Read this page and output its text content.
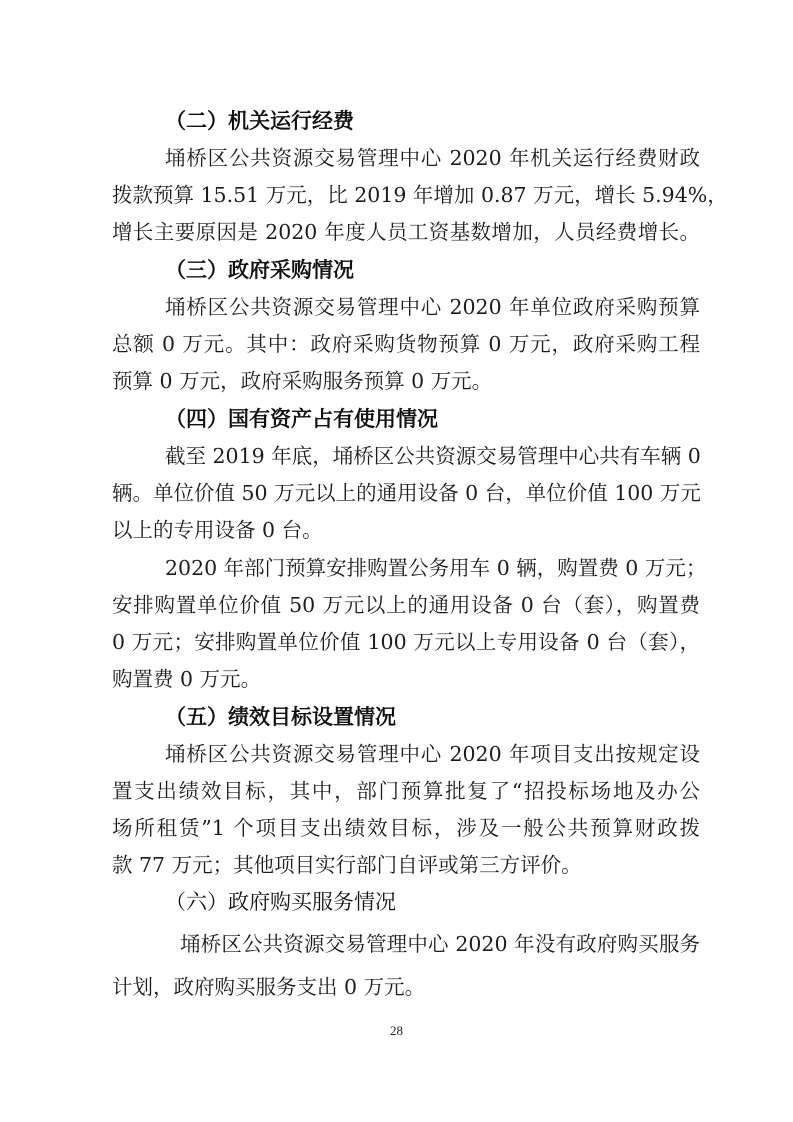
（二）机关运行经费
埇桥区公共资源交易管理中心 2020 年机关运行经费财政
拨款预算 15.51 万元，比 2019 年增加 0.87 万元，增长 5.94%，
增长主要原因是 2020 年度人员工资基数增加，人员经费增长。
（三）政府采购情况
埇桥区公共资源交易管理中心 2020 年单位政府采购预算
总额 0 万元。其中：政府采购货物预算 0 万元，政府采购工程
预算 0 万元，政府采购服务预算 0 万元。
（四）国有资产占有使用情况
截至 2019 年底，埇桥区公共资源交易管理中心共有车辆 0
辆。单位价值 50 万元以上的通用设备 0 台，单位价值 100 万元
以上的专用设备 0 台。
2020 年部门预算安排购置公务用车 0 辆，购置费 0 万元；
安排购置单位价值 50 万元以上的通用设备 0 台（套），购置费
0 万元；安排购置单位价值 100 万元以上专用设备 0 台（套），
购置费 0 万元。
（五）绩效目标设置情况
埇桥区公共资源交易管理中心 2020 年项目支出按规定设
置支出绩效目标，其中，部门预算批复了“招投标场地及办公
场所租赁”1 个项目支出绩效目标，涉及一般公共预算财政拨
款 77 万元；其他项目实行部门自评或第三方评价。
（六）政府购买服务情况
埇桥区公共资源交易管理中心 2020 年没有政府购买服务
计划，政府购买服务支出 0 万元。
28
